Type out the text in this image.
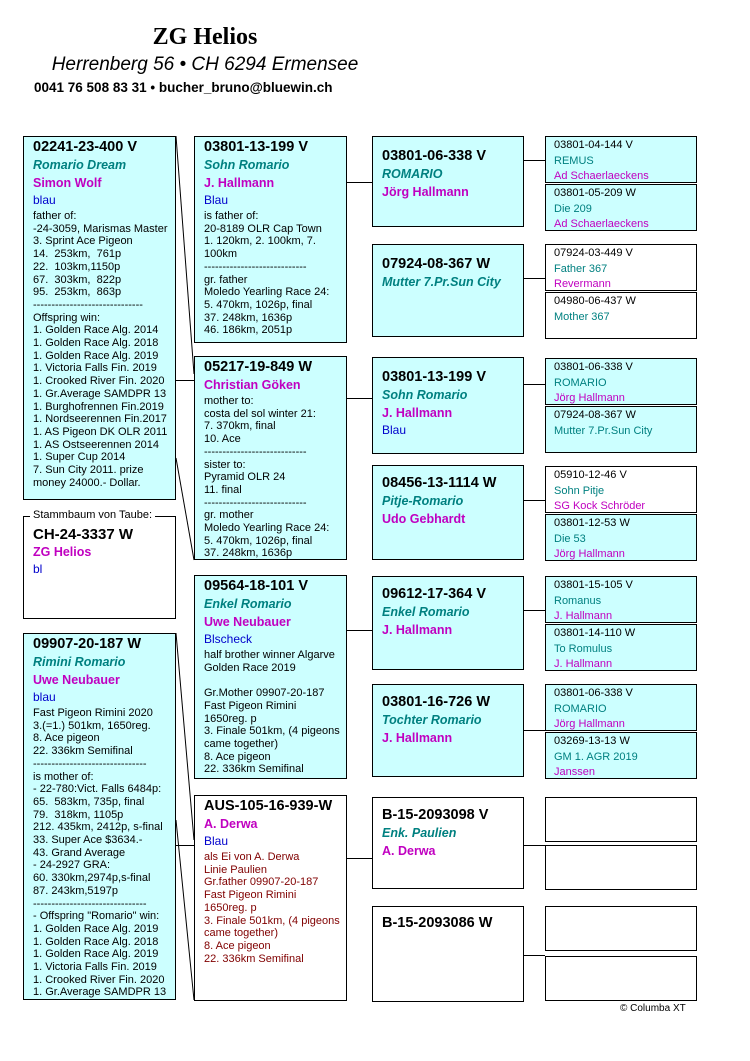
ZG Helios
Herrenberg 56 • CH 6294 Ermensee
0041 76 508 83 31 • bucher_bruno@bluewin.ch
CH-24-3337 W
ZG Helios
bl
Stammbaum von Taube:
02241-23-400 V
Romario Dream
Simon Wolf
blau
father of:
-24-3059, Marismas Master
3. Sprint Ace Pigeon
14.  253km,  761p
22.  103km,1150p
67.  303km,  822p
95.  253km,  863p
------------------------------
Offspring win:
1. Golden Race Alg. 2014
1. Golden Race Alg. 2018
1. Golden Race Alg. 2019
1. Victoria Falls Fin. 2019
1. Crooked River Fin. 2020
1. Gr.Average SAMDPR 13
1. Burghofrennen Fin.2019
1. Nordseerennen Fin.2017
1. AS Pigeon DK OLR 2011
1. AS Ostseerennen 2014
1. Super Cup 2014
7. Sun City 2011. prize
money 24000.- Dollar.
09907-20-187 W
Rimini Romario
Uwe Neubauer
blau
Fast Pigeon Rimini 2020
3.(=1.) 501km, 1650reg.
8. Ace pigeon
22. 336km Semifinal
-------------------------------
is mother of:
- 22-780:Vict. Falls 6484p:
65.  583km, 735p, final
79.  318km, 1105p
212. 435km, 2412p, s-final
33. Super Ace $3634.-
43. Grand Average
- 24-2927 GRA:
60. 330km,2974p,s-final
87. 243km,5197p
-------------------------------
- Offspring "Romario" win:
1. Golden Race Alg. 2019
1. Golden Race Alg. 2018
1. Golden Race Alg. 2019
1. Victoria Falls Fin. 2019
1. Crooked River Fin. 2020
1. Gr.Average SAMDPR 13
03801-13-199 V
Sohn Romario
J. Hallmann
Blau
is father of:
20-8189 OLR Cap Town
1. 120km, 2. 100km, 7.
100km
----------------------------
gr. father
Moledo Yearling Race 24:
5. 470km, 1026p, final
37. 248km, 1636p
46. 186km, 2051p
05217-19-849 W
Christian Göken
mother to:
costa del sol winter 21:
7. 370km, final
10. Ace
----------------------------
sister to:
Pyramid OLR 24
11. final
----------------------------
gr. mother
Moledo Yearling Race 24:
5. 470km, 1026p, final
37. 248km, 1636p
09564-18-101 V
Enkel Romario
Uwe Neubauer
Blscheck
half brother winner Algarve
Golden Race 2019

Gr.Mother 09907-20-187
Fast Pigeon Rimini
1650reg. p
3. Finale 501km, (4 pigeons
came together)
8. Ace pigeon
22. 336km Semifinal
AUS-105-16-939-W
A. Derwa
Blau
als Ei von A. Derwa
Linie Paulien
Gr.father 09907-20-187
Fast Pigeon Rimini
1650reg. p
3. Finale 501km, (4 pigeons
came together)
8. Ace pigeon
22. 336km Semifinal
03801-06-338 V
ROMARIO
Jörg Hallmann
07924-08-367 W
Mutter 7.Pr.Sun City
03801-13-199 V
Sohn Romario
J. Hallmann
Blau
08456-13-1114 W
Pitje-Romario
Udo Gebhardt
09612-17-364 V
Enkel Romario
J. Hallmann
03801-16-726 W
Tochter Romario
J. Hallmann
B-15-2093098 V
Enk. Paulien
A. Derwa
B-15-2093086 W
03801-04-144 V
REMUS
Ad Schaerlaeckens
03801-05-209 W
Die 209
Ad Schaerlaeckens
07924-03-449 V
Father 367
Revermann
04980-06-437 W
Mother 367
03801-06-338 V
ROMARIO
Jörg Hallmann
07924-08-367 W
Mutter 7.Pr.Sun City
05910-12-46 V
Sohn Pitje
SG Kock Schröder
03801-12-53 W
Die 53
Jörg Hallmann
03801-15-105 V
Romanus
J. Hallmann
03801-14-110 W
To Romulus
J. Hallmann
03801-06-338 V
ROMARIO
Jörg Hallmann
03269-13-13 W
GM 1. AGR 2019
Janssen
© Columba XT
